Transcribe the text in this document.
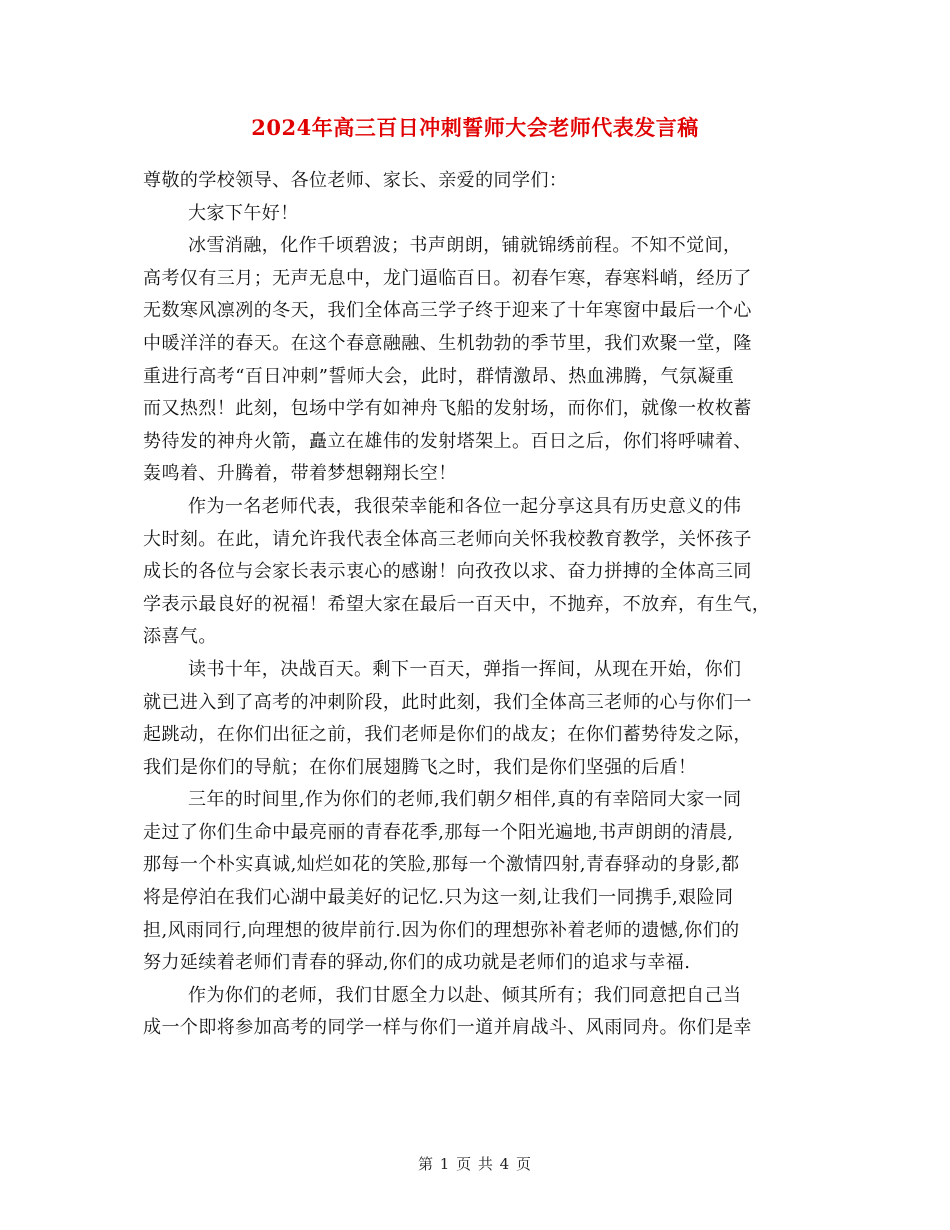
2024年高三百日冲刺誓师大会老师代表发言稿
尊敬的学校领导、各位老师、家长、亲爱的同学们：
大家下午好！
冰雪消融，化作千顷碧波；书声朗朗，铺就锦绣前程。不知不觉间，
高考仅有三月；无声无息中，龙门逼临百日。初春乍寒，春寒料峭，经历了
无数寒风凛冽的冬天，我们全体高三学子终于迎来了十年寒窗中最后一个心
中暖洋洋的春天。在这个春意融融、生机勃勃的季节里，我们欢聚一堂，隆
重进行高考“百日冲刺”誓师大会，此时，群情激昂、热血沸腾，气氛凝重
而又热烈！此刻，包场中学有如神舟飞船的发射场，而你们，就像一枚枚蓄
势待发的神舟火箭，矗立在雄伟的发射塔架上。百日之后，你们将呼啸着、
轰鸣着、升腾着，带着梦想翱翔长空！
作为一名老师代表，我很荣幸能和各位一起分享这具有历史意义的伟
大时刻。在此，请允许我代表全体高三老师向关怀我校教育教学，关怀孩子
成长的各位与会家长表示衷心的感谢！向孜孜以求、奋力拼搏的全体高三同
学表示最良好的祝福！希望大家在最后一百天中，不抛弃，不放弃，有生气，
添喜气。
读书十年，决战百天。剩下一百天，弹指一挥间，从现在开始，你们
就已进入到了高考的冲刺阶段，此时此刻，我们全体高三老师的心与你们一
起跳动，在你们出征之前，我们老师是你们的战友；在你们蓄势待发之际，
我们是你们的导航；在你们展翅腾飞之时，我们是你们坚强的后盾！
三年的时间里,作为你们的老师,我们朝夕相伴,真的有幸陪同大家一同
走过了你们生命中最亮丽的青春花季,那每一个阳光遍地,书声朗朗的清晨,
那每一个朴实真诚,灿烂如花的笑脸,那每一个激情四射,青春驿动的身影,都
将是停泊在我们心湖中最美好的记忆.只为这一刻,让我们一同携手,艰险同
担,风雨同行,向理想的彼岸前行.因为你们的理想弥补着老师的遗憾,你们的
努力延续着老师们青春的驿动,你们的成功就是老师们的追求与幸福.
作为你们的老师，我们甘愿全力以赴、倾其所有；我们同意把自己当
成一个即将参加高考的同学一样与你们一道并肩战斗、风雨同舟。你们是幸
第 1 页 共 4 页
